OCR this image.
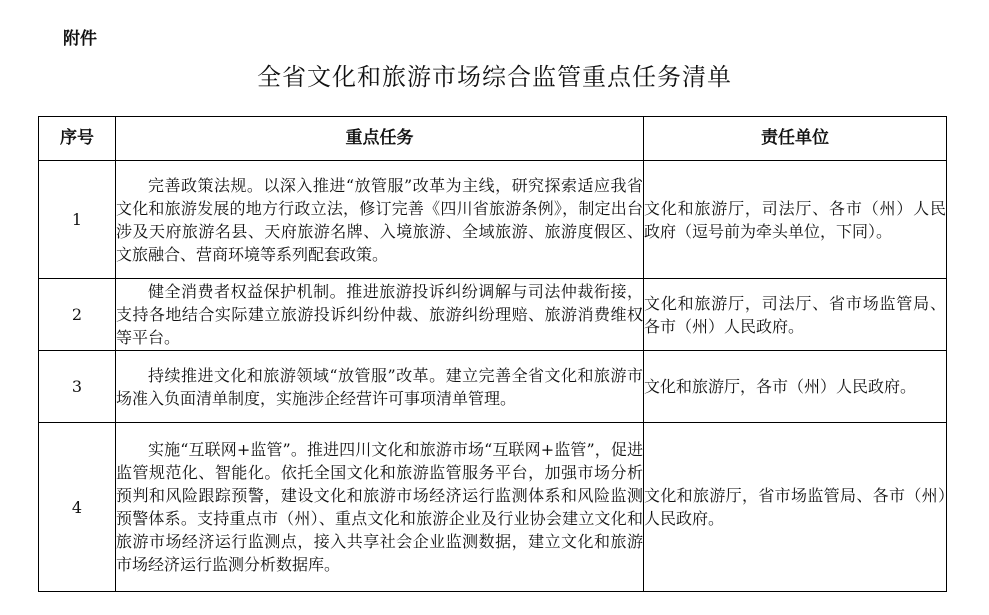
附件
全省文化和旅游市场综合监管重点任务清单
序号	重点任务	责任单位
1	完善政策法规。以深入推进“放管服”改革为主线，研究探索适应我省文化和旅游发展的地方行政立法，修订完善《四川省旅游条例》，制定出台涉及天府旅游名县、天府旅游名牌、入境旅游、全域旅游、旅游度假区、文旅融合、营商环境等系列配套政策。	文化和旅游厅，司法厅、各市（州）人民政府（逗号前为牵头单位，下同）。
2	健全消费者权益保护机制。推进旅游投诉纠纷调解与司法仲裁衔接，支持各地结合实际建立旅游投诉纠纷仲裁、旅游纠纷理赔、旅游消费维权等平台。	文化和旅游厅，司法厅、省市场监管局、各市（州）人民政府。
3	持续推进文化和旅游领域“放管服”改革。建立完善全省文化和旅游市场准入负面清单制度，实施涉企经营许可事项清单管理。	文化和旅游厅，各市（州）人民政府。
4	实施“互联网+监管”。推进四川文化和旅游市场“互联网+监管”，促进监管规范化、智能化。依托全国文化和旅游监管服务平台，加强市场分析预判和风险跟踪预警，建设文化和旅游市场经济运行监测体系和风险监测预警体系。支持重点市（州）、重点文化和旅游企业及行业协会建立文化和旅游市场经济运行监测点，接入共享社会企业监测数据，建立文化和旅游市场经济运行监测分析数据库。	文化和旅游厅，省市场监管局、各市（州）人民政府。
